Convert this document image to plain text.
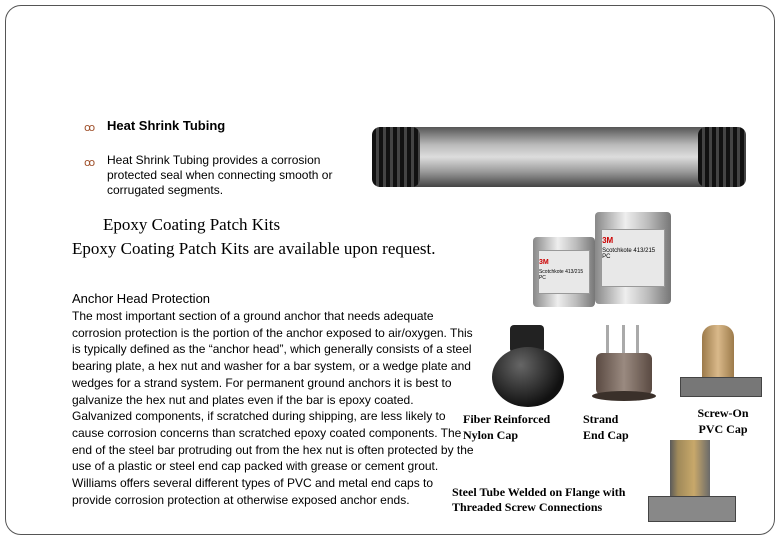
ꝏ Heat Shrink Tubing
ꝏ Heat Shrink Tubing provides a corrosion protected seal when connecting smooth or corrugated segments.
Epoxy Coating Patch Kits
Epoxy Coating Patch Kits are available upon request.
3M
Scotchkote 413/215 PC
3M
Scotchkote 413/215 PC
Anchor Head Protection
The most important section of a ground anchor that needs adequate
corrosion protection is the portion of the anchor exposed to air/oxygen. This
is typically defined as the “anchor head”, which generally consists of a steel
bearing plate, a hex nut and washer for a bar system, or a wedge plate and
wedges for a strand system. For permanent ground anchors it is best to
galvanize the hex nut and plates even if the bar is epoxy coated.
Galvanized components, if scratched during shipping, are less likely to
cause corrosion concerns than scratched epoxy coated components. The
end of the steel bar protruding out from the hex nut is often protected by the
use of a plastic or steel end cap packed with grease or cement grout.
Williams offers several different types of PVC and metal end caps to
provide corrosion protection at otherwise exposed anchor ends.
Fiber Reinforced
Nylon Cap
Strand
End Cap
Screw-On
PVC Cap
Steel Tube Welded on Flange with
Threaded Screw Connections
